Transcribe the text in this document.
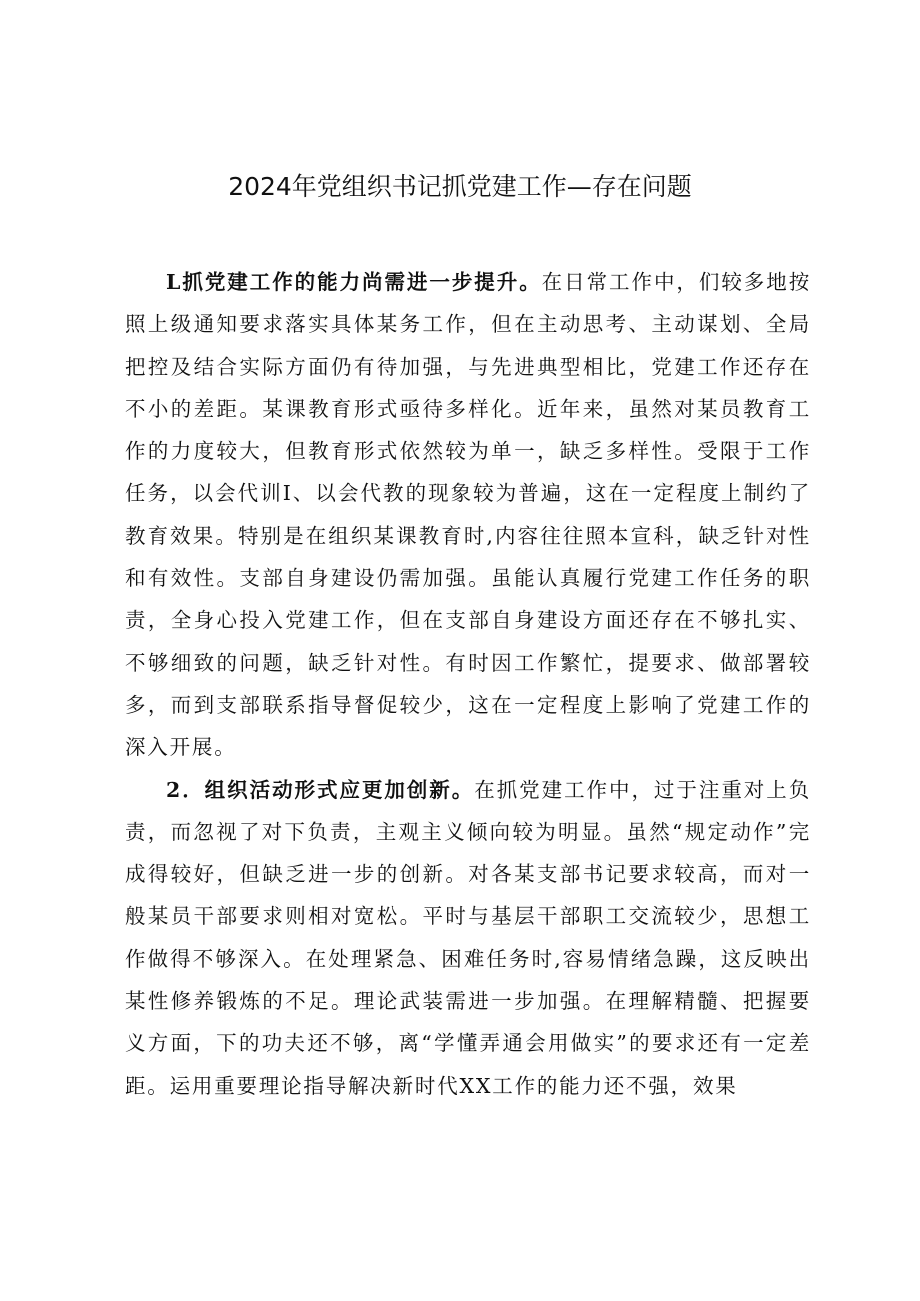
2024年党组织书记抓党建工作—存在问题

L抓党建工作的能力尚需进一步提升。在日常工作中，们较多地按照上级通知要求落实具体某务工作，但在主动思考、主动谋划、全局把控及结合实际方面仍有待加强，与先进典型相比，党建工作还存在不小的差距。某课教育形式亟待多样化。近年来，虽然对某员教育工作的力度较大，但教育形式依然较为单一，缺乏多样性。受限于工作任务，以会代训I、以会代教的现象较为普遍，这在一定程度上制约了教育效果。特别是在组织某课教育时,内容往往照本宣科，缺乏针对性和有效性。支部自身建设仍需加强。虽能认真履行党建工作任务的职责，全身心投入党建工作，但在支部自身建设方面还存在不够扎实、不够细致的问题，缺乏针对性。有时因工作繁忙，提要求、做部署较多，而到支部联系指导督促较少，这在一定程度上影响了党建工作的深入开展。

2．组织活动形式应更加创新。在抓党建工作中，过于注重对上负责，而忽视了对下负责，主观主义倾向较为明显。虽然“规定动作”完成得较好，但缺乏进一步的创新。对各某支部书记要求较高，而对一般某员干部要求则相对宽松。平时与基层干部职工交流较少，思想工作做得不够深入。在处理紧急、困难任务时,容易情绪急躁，这反映出某性修养锻炼的不足。理论武装需进一步加强。在理解精髓、把握要义方面，下的功夫还不够，离“学懂弄通会用做实”的要求还有一定差距。运用重要理论指导解决新时代XX工作的能力还不强，效果
